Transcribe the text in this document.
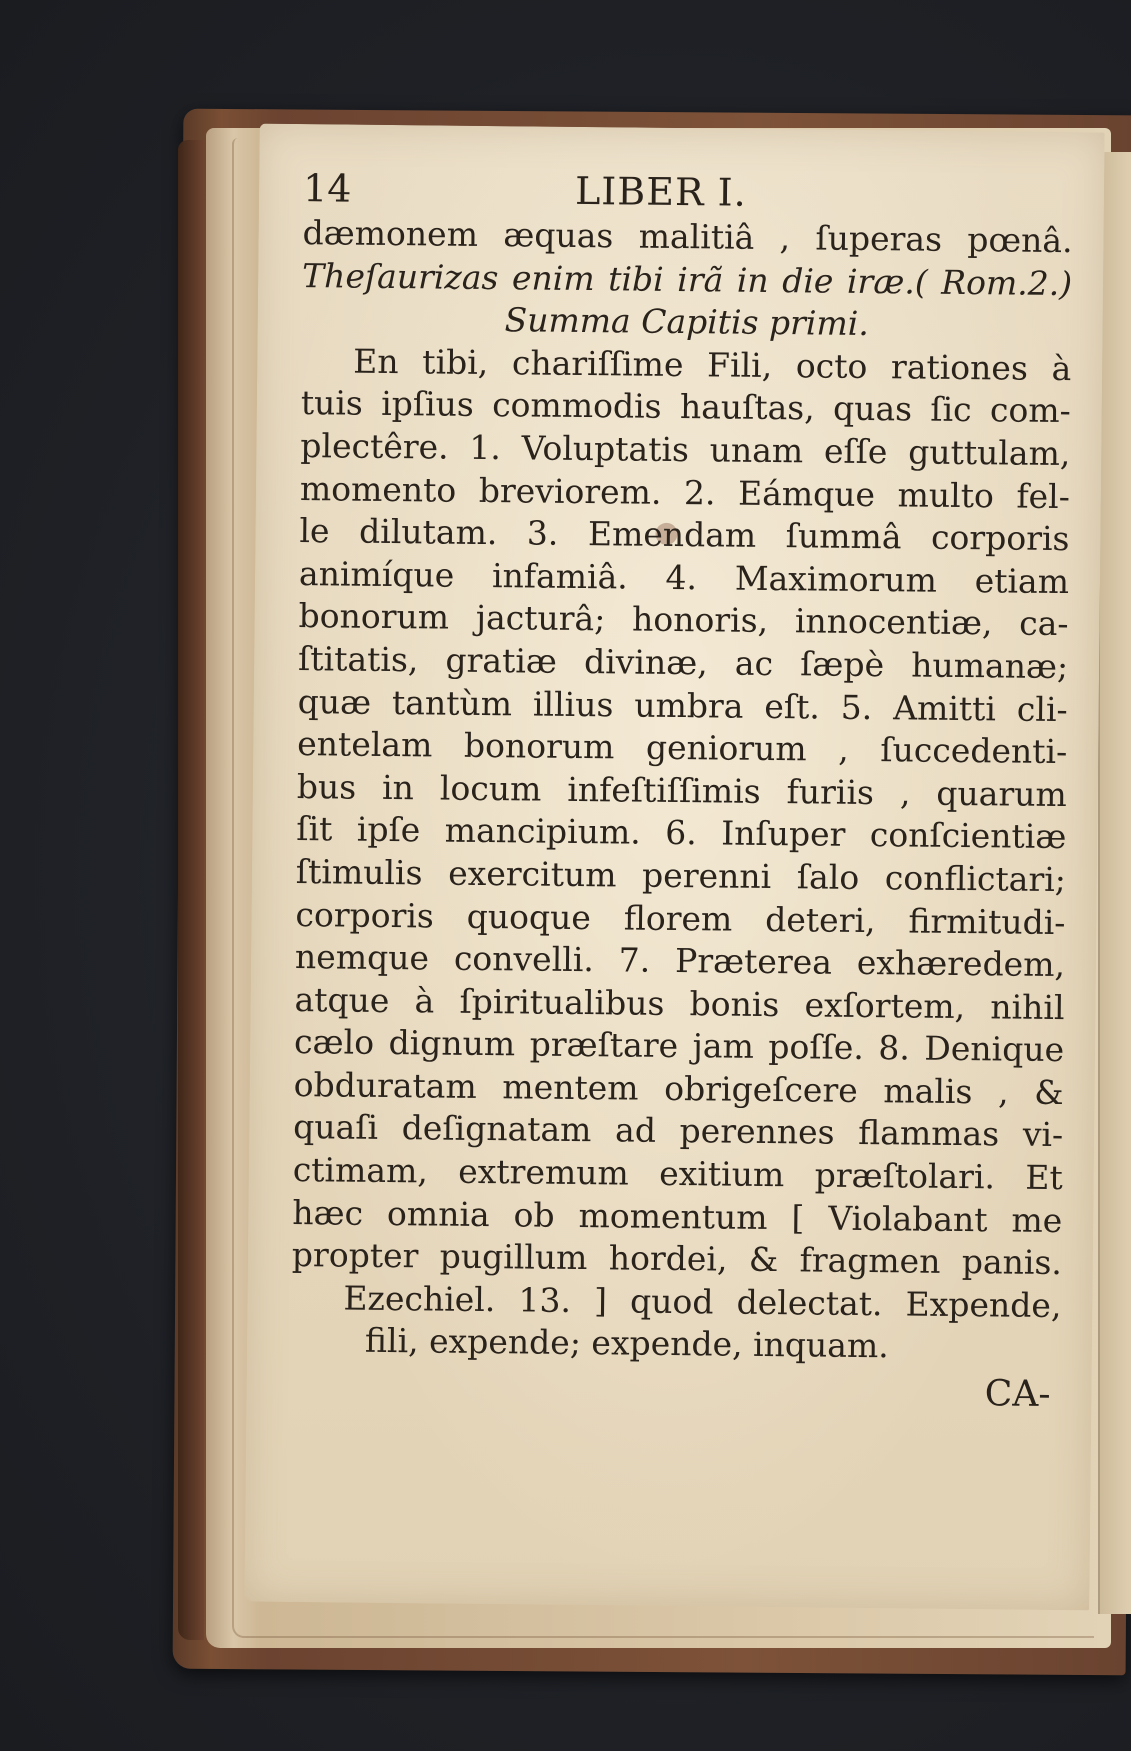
14	LIBER I.
dæmonem æquas malitiâ , ſuperas pœnâ.
Theſaurizas enim tibi irã in die iræ.( Rom.2.)
Summa Capitis primi.
En tibi, chariſſime Fili, octo rationes à
tuis ipſius commodis hauſtas, quas ſic com-
plectêre. 1. Voluptatis unam eſſe guttulam,
momento breviorem. 2. Eámque multo fel-
le dilutam. 3. Emendam ſummâ corporis
animíque infamiâ. 4. Maximorum etiam
bonorum jacturâ; honoris, innocentiæ, ca-
ſtitatis, gratiæ divinæ, ac ſæpè humanæ;
quæ tantùm illius umbra eſt. 5. Amitti cli-
entelam bonorum geniorum , ſuccedenti-
bus in locum infeſtiſſimis furiis , quarum
ſit ipſe mancipium. 6. Inſuper conſcientiæ
ſtimulis exercitum perenni ſalo conflictari;
corporis quoque florem deteri, firmitudi-
nemque convelli. 7. Præterea exhæredem,
atque à ſpiritualibus bonis exſortem, nihil
cælo dignum præſtare jam poſſe. 8. Denique
obduratam mentem obrigeſcere malis , &
quaſi deſignatam ad perennes flammas vi-
ctimam, extremum exitium præſtolari. Et
hæc omnia ob momentum [ Violabant me
propter pugillum hordei, & fragmen panis.
Ezechiel. 13. ] quod delectat. Expende,
fili, expende; expende, inquam.
CA-
